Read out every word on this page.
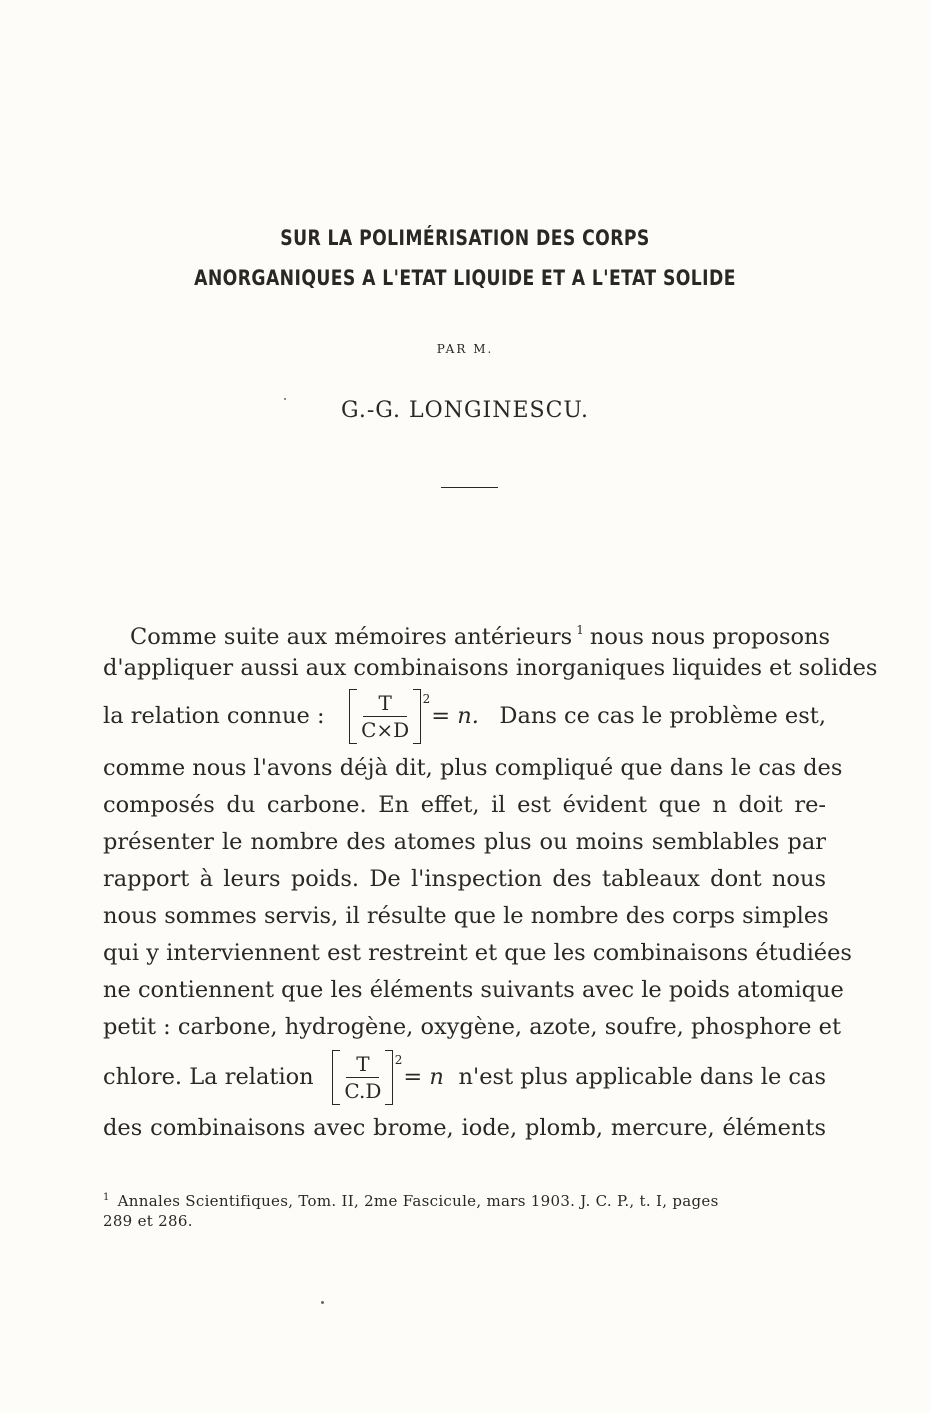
SUR LA POLIMÉRISATION DES CORPS
ANORGANIQUES A L'ETAT LIQUIDE ET A L'ETAT SOLIDE
PAR M.
G.-G. LONGINESCU.
Comme suite aux mémoires antérieurs $^1$ nous nous proposons
d'appliquer aussi aux combinaisons inorganiques liquides et solides
la relation connue :
T
C×D
2
= n. Dans ce cas le problème est,
comme nous l'avons déjà dit, plus compliqué que dans le cas des
composés du carbone. En effet, il est évident que n doit re-
présenter le nombre des atomes plus ou moins semblables par
rapport à leurs poids. De l'inspection des tableaux dont nous
nous sommes servis, il résulte que le nombre des corps simples
qui y interviennent est restreint et que les combinaisons étudiées
ne contiennent que les éléments suivants avec le poids atomique
petit : carbone, hydrogène, oxygène, azote, soufre, phosphore et
chlore. La relation
T
C.D
2
= n n'est plus applicable dans le cas
des combinaisons avec brome, iode, plomb, mercure, éléments
$^1$ Annales Scientifiques, Tom. II, 2me Fascicule, mars 1903. J. C. P., t. I, pages
289 et 286.
